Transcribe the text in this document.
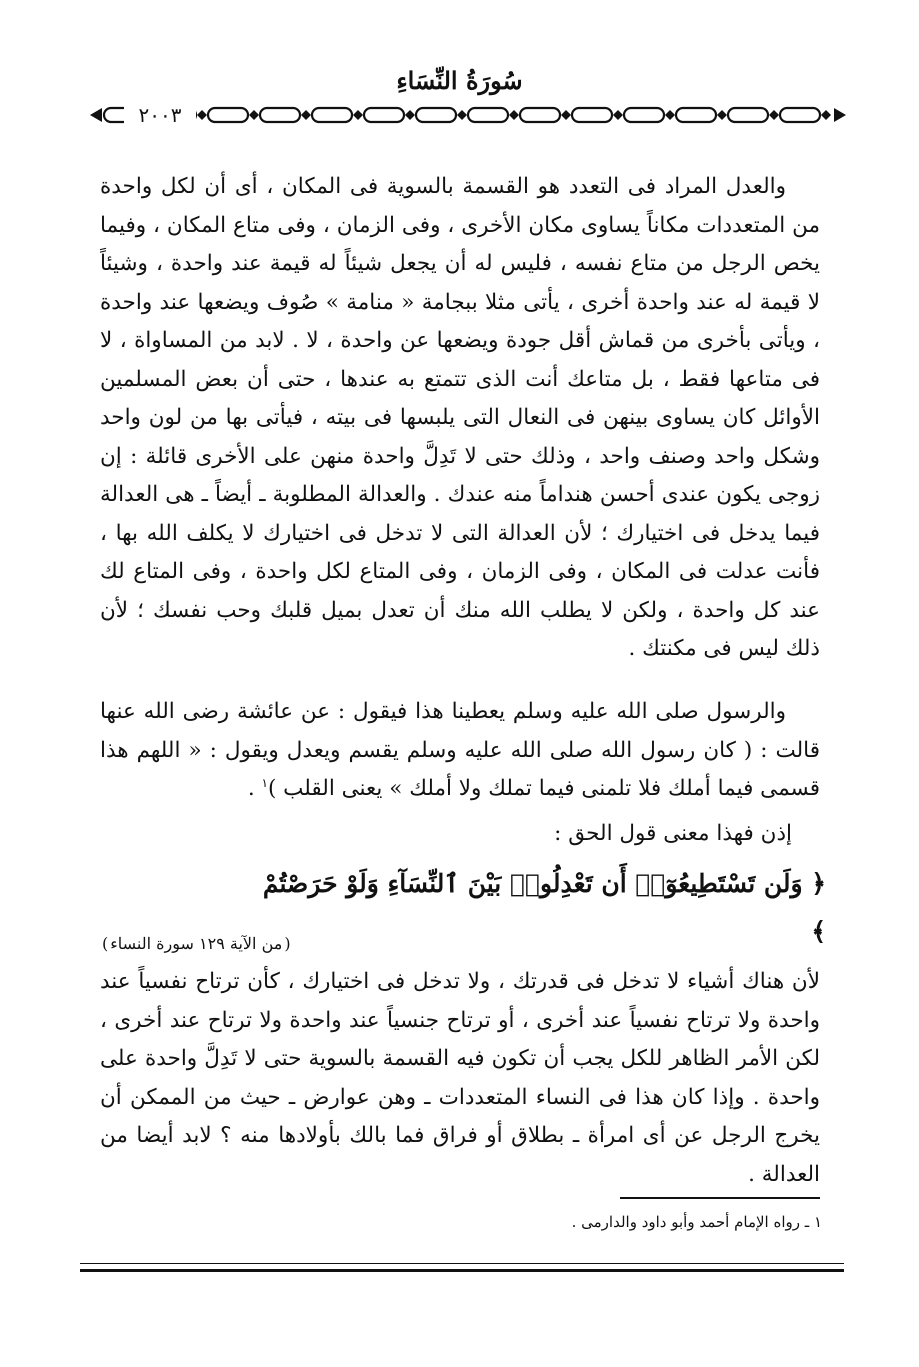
سُورَةُ النِّسَاءِ
٢٠٠٣

والعدل المراد فى التعدد هو القسمة بالسوية فى المكان ، أى أن لكل واحدة من المتعددات مكاناً يساوى مكان الأخرى ، وفى الزمان ، وفى متاع المكان ، وفيما يخص الرجل من متاع نفسه ، فليس له أن يجعل شيئاً له قيمة عند واحدة ، وشيئاً لا قيمة له عند واحدة أخرى ، يأتى مثلا ببجامة « منامة » صُوف ويضعها عند واحدة ، ويأتى بأخرى من قماش أقل جودة ويضعها عن واحدة ، لا . لابد من المساواة ، لا فى متاعها فقط ، بل متاعك أنت الذى تتمتع به عندها ، حتى أن بعض المسلمين الأوائل كان يساوى بينهن فى النعال التى يلبسها فى بيته ، فيأتى بها من لون واحد وشكل واحد وصنف واحد ، وذلك حتى لا تَدِلَّ واحدة منهن على الأخرى قائلة : إن زوجى يكون عندى أحسن هنداماً منه عندك . والعدالة المطلوبة ـ أيضاً ـ هى العدالة فيما يدخل فى اختيارك ؛ لأن العدالة التى لا تدخل فى اختيارك لا يكلف الله بها ، فأنت عدلت فى المكان ، وفى الزمان ، وفى المتاع لكل واحدة ، وفى المتاع لك عند كل واحدة ، ولكن لا يطلب الله منك أن تعدل بميل قلبك وحب نفسك ؛ لأن ذلك ليس فى مكنتك .

والرسول صلى الله عليه وسلم يعطينا هذا فيقول : عن عائشة رضى الله عنها قالت : ( كان رسول الله صلى الله عليه وسلم يقسم ويعدل ويقول : « اللهم هذا قسمى فيما أملك فلا تلمنى فيما تملك ولا أملك » يعنى القلب )$^١$ .

إذن فهذا معنى قول الحق :
﴿ وَلَن تَسْتَطِيعُوٓا۟ أَن تَعْدِلُوا۟ بَيْنَ ٱلنِّسَآءِ وَلَوْ حَرَصْتُمْ ﴾
(من الآية ١٢٩ سورة النساء)

لأن هناك أشياء لا تدخل فى قدرتك ، ولا تدخل فى اختيارك ، كأن ترتاح نفسياً عند واحدة ولا ترتاح نفسياً عند أخرى ، أو ترتاح جنسياً عند واحدة ولا ترتاح عند أخرى ، لكن الأمر الظاهر للكل يجب أن تكون فيه القسمة بالسوية حتى لا تَدِلَّ واحدة على واحدة . وإذا كان هذا فى النساء المتعددات ـ وهن عوارض ـ حيث من الممكن أن يخرج الرجل عن أى امرأة ـ بطلاق أو فراق فما بالك بأولادها منه ؟ لابد أيضا من العدالة .

١ ـ رواه الإمام أحمد وأبو داود والدارمى .
